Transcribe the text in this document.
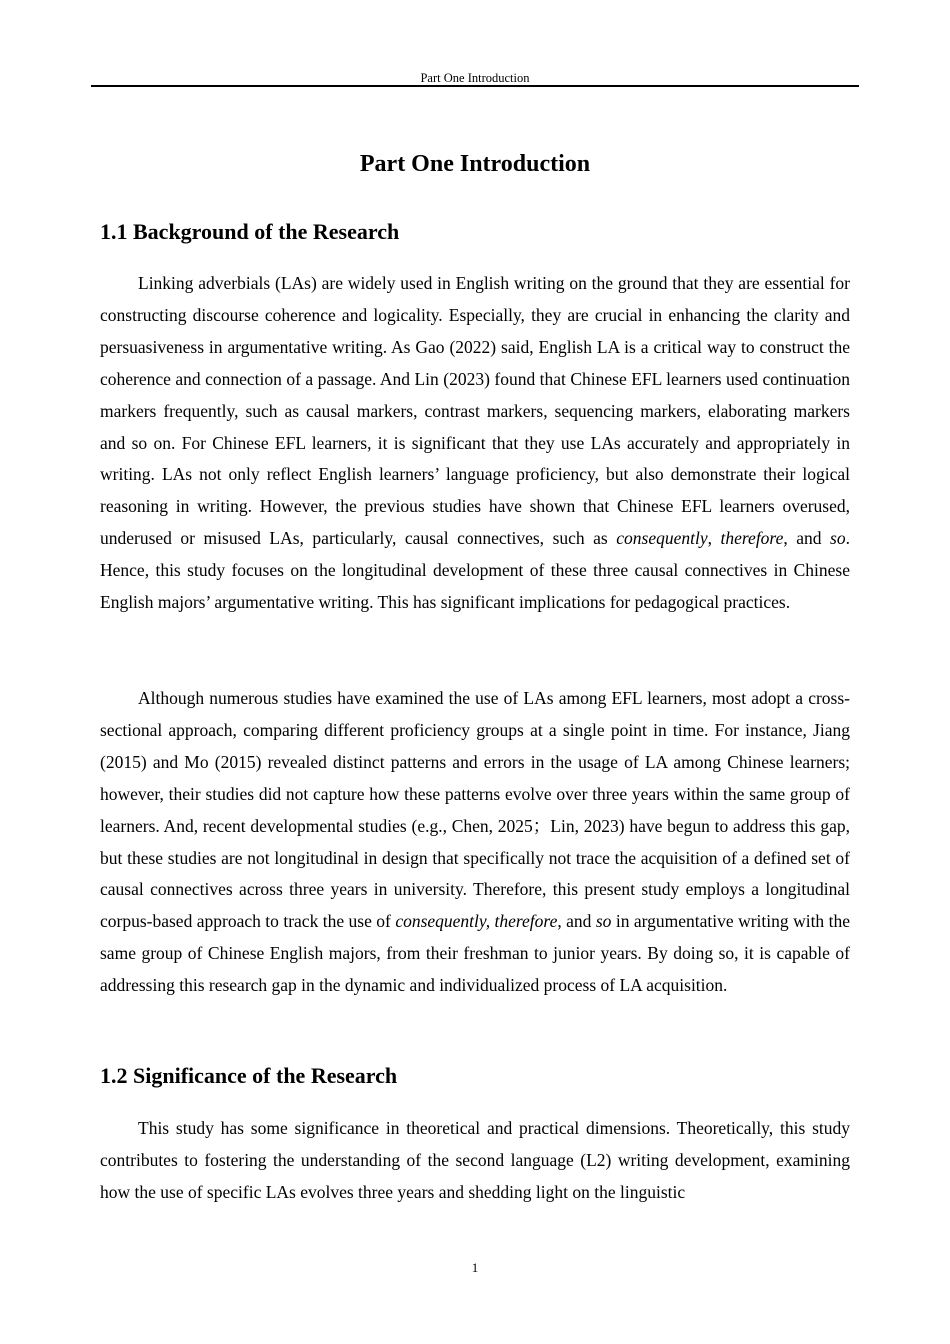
Part One Introduction
Part One Introduction
1.1 Background of the Research

Linking adverbials (LAs) are widely used in English writing on the ground that they are essential for constructing discourse coherence and logicality. Especially, they are crucial in enhancing the clarity and persuasiveness in argumentative writing. As Gao (2022) said, English LA is a critical way to construct the coherence and connection of a passage. And Lin (2023) found that Chinese EFL learners used continuation markers frequently, such as causal markers, contrast markers, sequencing markers, elaborating markers and so on. For Chinese EFL learners, it is significant that they use LAs accurately and appropriately in writing. LAs not only reflect English learners’ language proficiency, but also demonstrate their logical reasoning in writing. However, the previous studies have shown that Chinese EFL learners overused, underused or misused LAs, particularly, causal connectives, such as consequently, therefore, and so. Hence, this study focuses on the longitudinal development of these three causal connectives in Chinese English majors’ argumentative writing. This has significant implications for pedagogical practices.

Although numerous studies have examined the use of LAs among EFL learners, most adopt a cross-sectional approach, comparing different proficiency groups at a single point in time. For instance, Jiang (2015) and Mo (2015) revealed distinct patterns and errors in the usage of LA among Chinese learners; however, their studies did not capture how these patterns evolve over three years within the same group of learners. And, recent developmental studies (e.g., Chen, 2025；Lin, 2023) have begun to address this gap, but these studies are not longitudinal in design that specifically not trace the acquisition of a defined set of causal connectives across three years in university. Therefore, this present study employs a longitudinal corpus-based approach to track the use of consequently, therefore, and so in argumentative writing with the same group of Chinese English majors, from their freshman to junior years. By doing so, it is capable of addressing this research gap in the dynamic and individualized process of LA acquisition.

1.2 Significance of the Research

This study has some significance in theoretical and practical dimensions. Theoretically, this study contributes to fostering the understanding of the second language (L2) writing development, examining how the use of specific LAs evolves three years and shedding light on the linguistic

1
